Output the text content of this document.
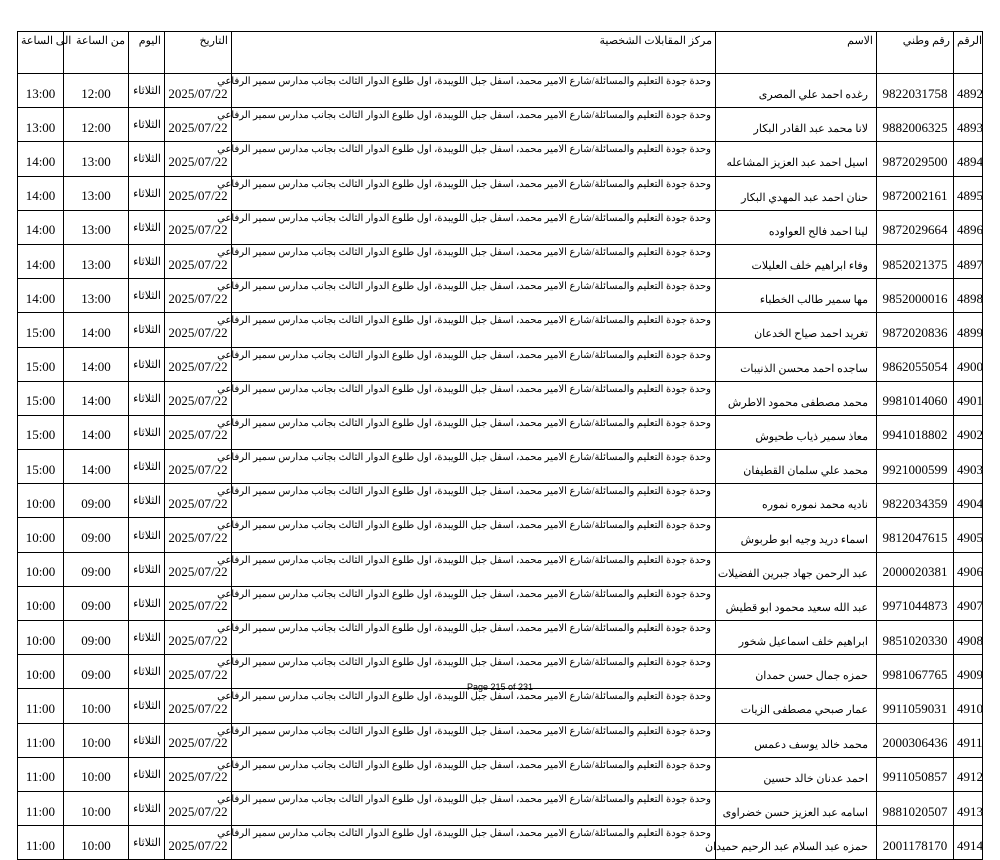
الى الساعة	من الساعة	اليوم	التاريخ	مركز المقابلات الشخصية	الاسم	رقم وطني	الرقم
13:00	12:00	الثلاثاء	2025/07/22	وحدة جودة التعليم والمسائلة/شارع الامير محمد، اسفل جبل اللويبدة، اول طلوع الدوار الثالث بجانب مدارس سمير الرفاعي	رغده احمد علي المصرى	9822031758	4892
13:00	12:00	الثلاثاء	2025/07/22	وحدة جودة التعليم والمسائلة/شارع الامير محمد، اسفل جبل اللويبدة، اول طلوع الدوار الثالث بجانب مدارس سمير الرفاعي	لانا محمد عبد القادر البكار	9882006325	4893
14:00	13:00	الثلاثاء	2025/07/22	وحدة جودة التعليم والمسائلة/شارع الامير محمد، اسفل جبل اللويبدة، اول طلوع الدوار الثالث بجانب مدارس سمير الرفاعي	اسيل احمد عبد العزيز المشاعله	9872029500	4894
14:00	13:00	الثلاثاء	2025/07/22	وحدة جودة التعليم والمسائلة/شارع الامير محمد، اسفل جبل اللويبدة، اول طلوع الدوار الثالث بجانب مدارس سمير الرفاعي	حنان احمد عبد المهدي البكار	9872002161	4895
14:00	13:00	الثلاثاء	2025/07/22	وحدة جودة التعليم والمسائلة/شارع الامير محمد، اسفل جبل اللويبدة، اول طلوع الدوار الثالث بجانب مدارس سمير الرفاعي	لينا احمد فالح العواوده	9872029664	4896
14:00	13:00	الثلاثاء	2025/07/22	وحدة جودة التعليم والمسائلة/شارع الامير محمد، اسفل جبل اللويبدة، اول طلوع الدوار الثالث بجانب مدارس سمير الرفاعي	وفاء ابراهيم خلف العليلات	9852021375	4897
14:00	13:00	الثلاثاء	2025/07/22	وحدة جودة التعليم والمسائلة/شارع الامير محمد، اسفل جبل اللويبدة، اول طلوع الدوار الثالث بجانب مدارس سمير الرفاعي	مها سمير طالب الخطباء	9852000016	4898
15:00	14:00	الثلاثاء	2025/07/22	وحدة جودة التعليم والمسائلة/شارع الامير محمد، اسفل جبل اللويبدة، اول طلوع الدوار الثالث بجانب مدارس سمير الرفاعي	تغريد احمد صياح الخدعان	9872020836	4899
15:00	14:00	الثلاثاء	2025/07/22	وحدة جودة التعليم والمسائلة/شارع الامير محمد، اسفل جبل اللويبدة، اول طلوع الدوار الثالث بجانب مدارس سمير الرفاعي	ساجده احمد محسن الذنيبات	9862055054	4900
15:00	14:00	الثلاثاء	2025/07/22	وحدة جودة التعليم والمسائلة/شارع الامير محمد، اسفل جبل اللويبدة، اول طلوع الدوار الثالث بجانب مدارس سمير الرفاعي	محمد مصطفى محمود الاطرش	9981014060	4901
15:00	14:00	الثلاثاء	2025/07/22	وحدة جودة التعليم والمسائلة/شارع الامير محمد، اسفل جبل اللويبدة، اول طلوع الدوار الثالث بجانب مدارس سمير الرفاعي	معاذ سمير ذياب طحيوش	9941018802	4902
15:00	14:00	الثلاثاء	2025/07/22	وحدة جودة التعليم والمسائلة/شارع الامير محمد، اسفل جبل اللويبدة، اول طلوع الدوار الثالث بجانب مدارس سمير الرفاعي	محمد علي سلمان القطيفان	9921000599	4903
10:00	09:00	الثلاثاء	2025/07/22	وحدة جودة التعليم والمسائلة/شارع الامير محمد، اسفل جبل اللويبدة، اول طلوع الدوار الثالث بجانب مدارس سمير الرفاعي	ناديه محمد نموره نموره	9822034359	4904
10:00	09:00	الثلاثاء	2025/07/22	وحدة جودة التعليم والمسائلة/شارع الامير محمد، اسفل جبل اللويبدة، اول طلوع الدوار الثالث بجانب مدارس سمير الرفاعي	اسماء دريد وجيه ابو طربوش	9812047615	4905
10:00	09:00	الثلاثاء	2025/07/22	وحدة جودة التعليم والمسائلة/شارع الامير محمد، اسفل جبل اللويبدة، اول طلوع الدوار الثالث بجانب مدارس سمير الرفاعي	عبد الرحمن جهاد جبرين الفضيلات	2000020381	4906
10:00	09:00	الثلاثاء	2025/07/22	وحدة جودة التعليم والمسائلة/شارع الامير محمد، اسفل جبل اللويبدة، اول طلوع الدوار الثالث بجانب مدارس سمير الرفاعي	عبد الله سعيد محمود ابو قطيش	9971044873	4907
10:00	09:00	الثلاثاء	2025/07/22	وحدة جودة التعليم والمسائلة/شارع الامير محمد، اسفل جبل اللويبدة، اول طلوع الدوار الثالث بجانب مدارس سمير الرفاعي	ابراهيم خلف اسماعيل شخور	9851020330	4908
10:00	09:00	الثلاثاء	2025/07/22	وحدة جودة التعليم والمسائلة/شارع الامير محمد، اسفل جبل اللويبدة، اول طلوع الدوار الثالث بجانب مدارس سمير الرفاعي	حمزه جمال حسن حمدان	9981067765	4909
11:00	10:00	الثلاثاء	2025/07/22	وحدة جودة التعليم والمسائلة/شارع الامير محمد، اسفل جبل اللويبدة، اول طلوع الدوار الثالث بجانب مدارس سمير الرفاعي	عمار صبحي مصطفى الزيات	9911059031	4910
11:00	10:00	الثلاثاء	2025/07/22	وحدة جودة التعليم والمسائلة/شارع الامير محمد، اسفل جبل اللويبدة، اول طلوع الدوار الثالث بجانب مدارس سمير الرفاعي	محمد خالد يوسف دعمس	2000306436	4911
11:00	10:00	الثلاثاء	2025/07/22	وحدة جودة التعليم والمسائلة/شارع الامير محمد، اسفل جبل اللويبدة، اول طلوع الدوار الثالث بجانب مدارس سمير الرفاعي	احمد عدنان خالد حسين	9911050857	4912
11:00	10:00	الثلاثاء	2025/07/22	وحدة جودة التعليم والمسائلة/شارع الامير محمد، اسفل جبل اللويبدة، اول طلوع الدوار الثالث بجانب مدارس سمير الرفاعي	اسامه عبد العزيز حسن خضراوى	9881020507	4913
11:00	10:00	الثلاثاء	2025/07/22	وحدة جودة التعليم والمسائلة/شارع الامير محمد، اسفل جبل اللويبدة، اول طلوع الدوار الثالث بجانب مدارس سمير الرفاعي	حمزه عبد السلام عبد الرحيم حميدان	2001178170	4914
Page 215 of 231
